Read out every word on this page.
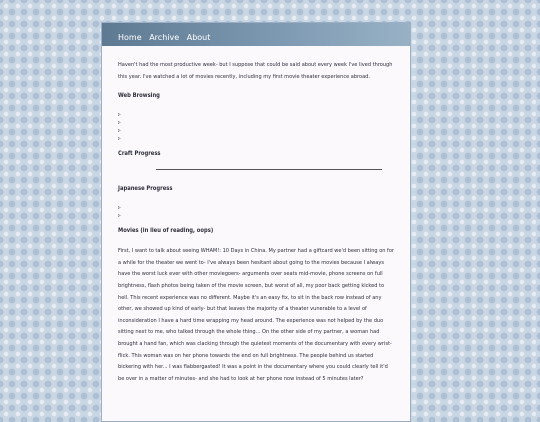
Home Archive About

Haven't had the most productive week- but I suppose that could be said about every week I've lived through this year. I've watched a lot of movies recently, including my first movie theater experience abroad.

Web Browsing
▹
▹
▹
▹
Craft Progress
Japanese Progress
▹
▹
Movies (in lieu of reading, oops)

First, I want to talk about seeing WHAM!: 10 Days in China. My partner had a giftcard we'd been sitting on for a while for the theater we went to- I've always been hesitant about going to the movies because I always have the worst luck ever with other moviegoers- arguments over seats mid-movie, phone screens on full brightness, flash photos being taken of the movie screen, but worst of all, my poor back getting kicked to hell. This recent experience was no different. Maybe it's an easy fix, to sit in the back row instead of any other, we showed up kind of early- but that leaves the majority of a theater vunerable to a level of inconsideration I have a hard time wrapping my head around. The experience was not helped by the duo sitting next to me, who talked through the whole thing... On the other side of my partner, a woman had brought a hand fan, which was clacking through the quietest moments of the documentary with every wrist-flick. This woman was on her phone towards the end on full brightness. The people behind us started bickering with her... I was flabbergasted! It was a point in the documentary where you could clearly tell it'd be over in a matter of minutes- and she had to look at her phone now instead of 5 minutes later?
